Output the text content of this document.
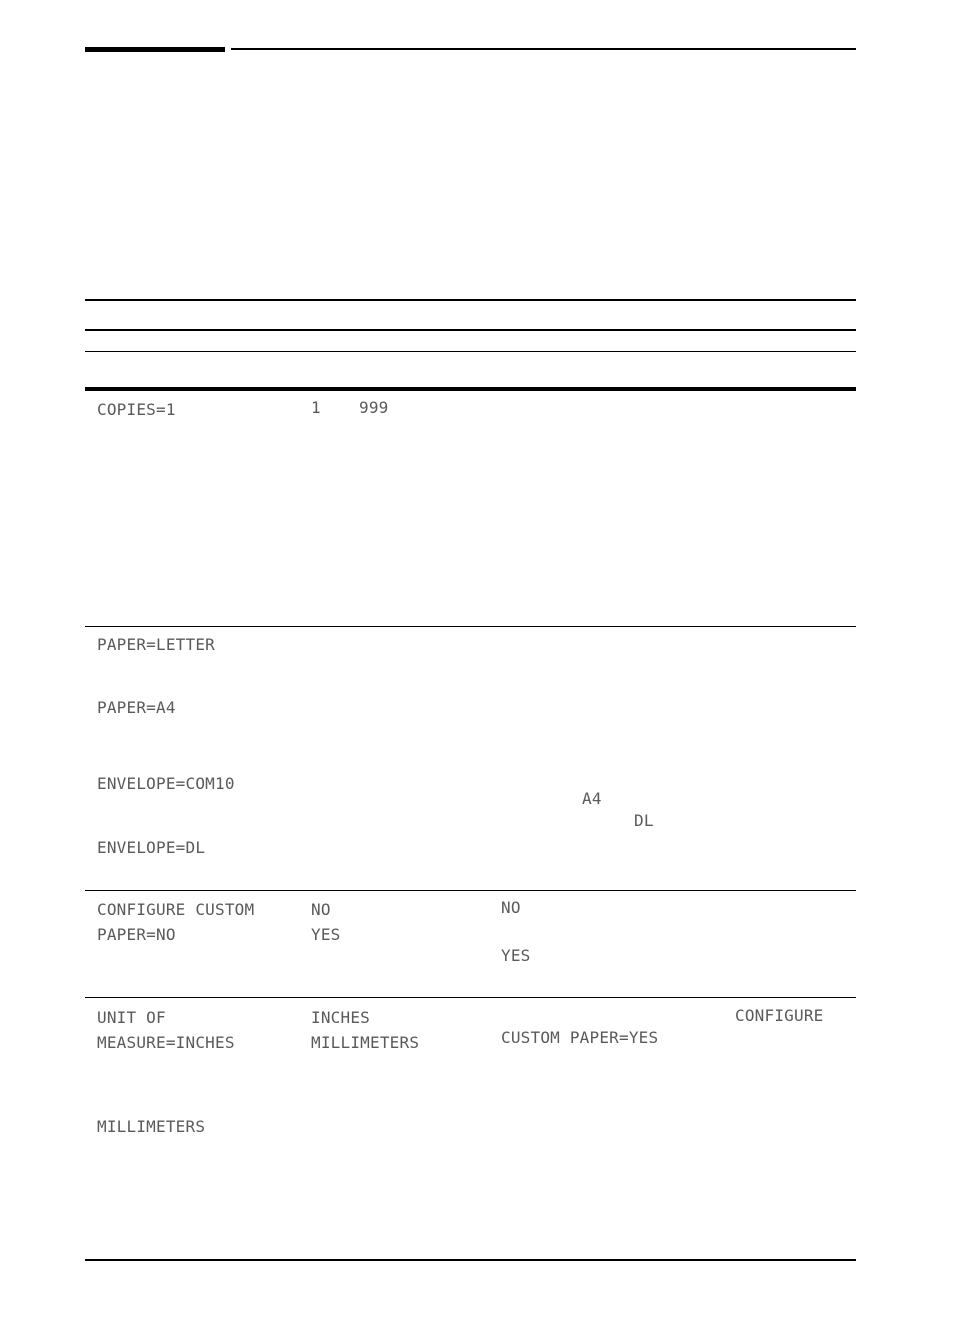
COPIES=1	1 999
PAPER=LETTER
PAPER=A4
ENVELOPE=COM10
ENVELOPE=DL
A4
DL
CONFIGURE CUSTOM
PAPER=NO
NO
YES
NO
YES
UNIT OF
MEASURE=INCHES
INCHES
MILLIMETERS
CONFIGURE
CUSTOM PAPER=YES
MILLIMETERS
